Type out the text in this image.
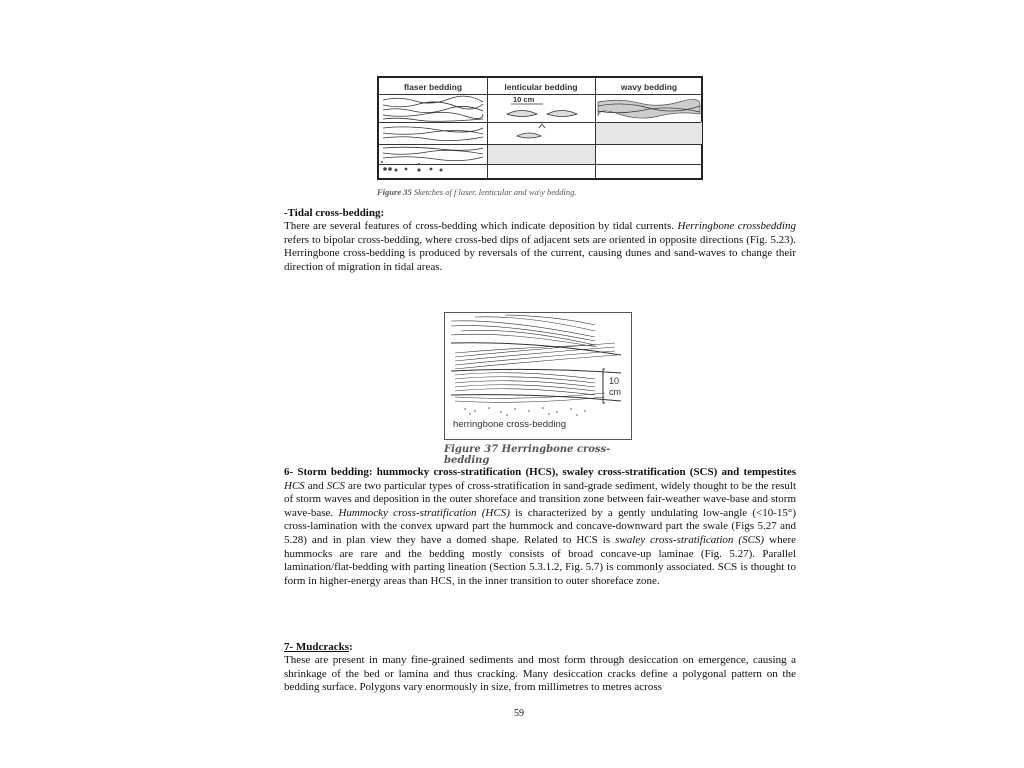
flaser bedding	lenticular bedding	wavy bedding
10 cm
Figure 35 Sketches of f laser. lenticular and wa\y bedding.
-Tidal cross-bedding:
There are several features of cross-bedding which indicate deposition by tidal currents. Herringbone crossbedding refers to bipolar cross-bedding, where cross-bed dips of adjacent sets are oriented in opposite directions (Fig. 5.23). Herringbone cross-bedding is produced by reversals of the current, causing dunes and sand-waves to change their direction of migration in tidal areas.
10
cm
herringbone cross-bedding
Figure 37 Herringbone cross-bedding
6- Storm bedding: hummocky cross-stratification (HCS), swaley cross-stratification (SCS) and tempestites HCS and SCS are two particular types of cross-stratification in sand-grade sediment, widely thought to be the result of storm waves and deposition in the outer shoreface and transition zone between fair-weather wave-base and storm wave-base. Hummocky cross-stratification (HCS) is characterized by a gently undulating low-angle (<10-15°) cross-lamination with the convex upward part the hummock and concave-downward part the swale (Figs 5.27 and 5.28) and in plan view they have a domed shape. Related to HCS is swaley cross-stratification (SCS) where hummocks are rare and the bedding mostly consists of broad concave-up laminae (Fig. 5.27). Parallel lamination/flat-bedding with parting lineation (Section 5.3.1.2, Fig. 5.7) is commonly associated. SCS is thought to form in higher-energy areas than HCS, in the inner transition to outer shoreface zone.
7- Mudcracks:
These are present in many fine-grained sediments and most form through desiccation on emergence, causing a shrinkage of the bed or lamina and thus cracking. Many desiccation cracks define a polygonal pattern on the bedding surface. Polygons vary enormously in size, from millimetres to metres across
59
